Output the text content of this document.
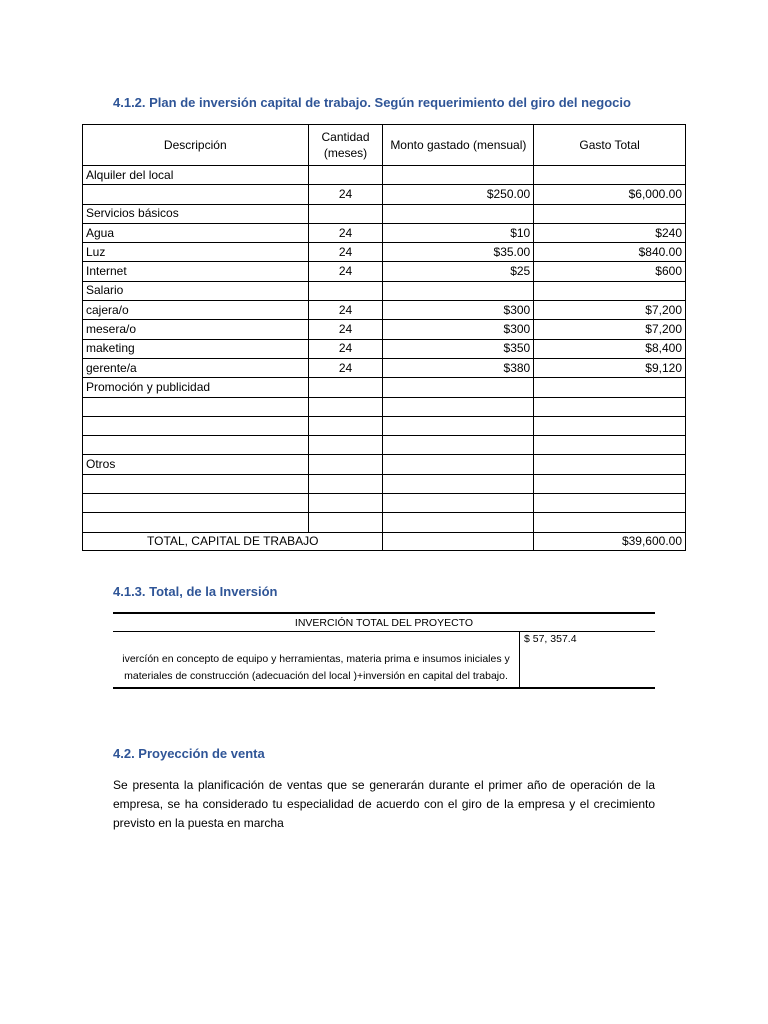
4.1.2. Plan de inversión capital de trabajo. Según requerimiento del giro del negocio
Descripción	Cantidad (meses)	Monto gastado (mensual)	Gasto Total
Alquiler del local			
	24	$250.00	$6,000.00
Servicios básicos			
Agua	24	$10	$240
Luz	24	$35.00	$840.00
Internet	24	$25	$600
Salario			
cajera/o	24	$300	$7,200
mesera/o	24	$300	$7,200
maketing	24	$350	$8,400
gerente/a	24	$380	$9,120
Promoción y publicidad			

Otros			

TOTAL, CAPITAL DE TRABAJO			$39,600.00
4.1.3. Total, de la Inversión
INVERCIÓN TOTAL DEL PROYECTO
ivercíón en concepto de equipo y herramientas, materia prima e insumos iniciales y materiales de construcción (adecuación del local )+inversión en capital del trabajo.	$ 57, 357.4
4.2. Proyección de venta
Se presenta la planificación de ventas que se generarán durante el primer año de operación de la empresa, se ha considerado tu especialidad de acuerdo con el giro de la empresa y el crecimiento previsto en la puesta en marcha
